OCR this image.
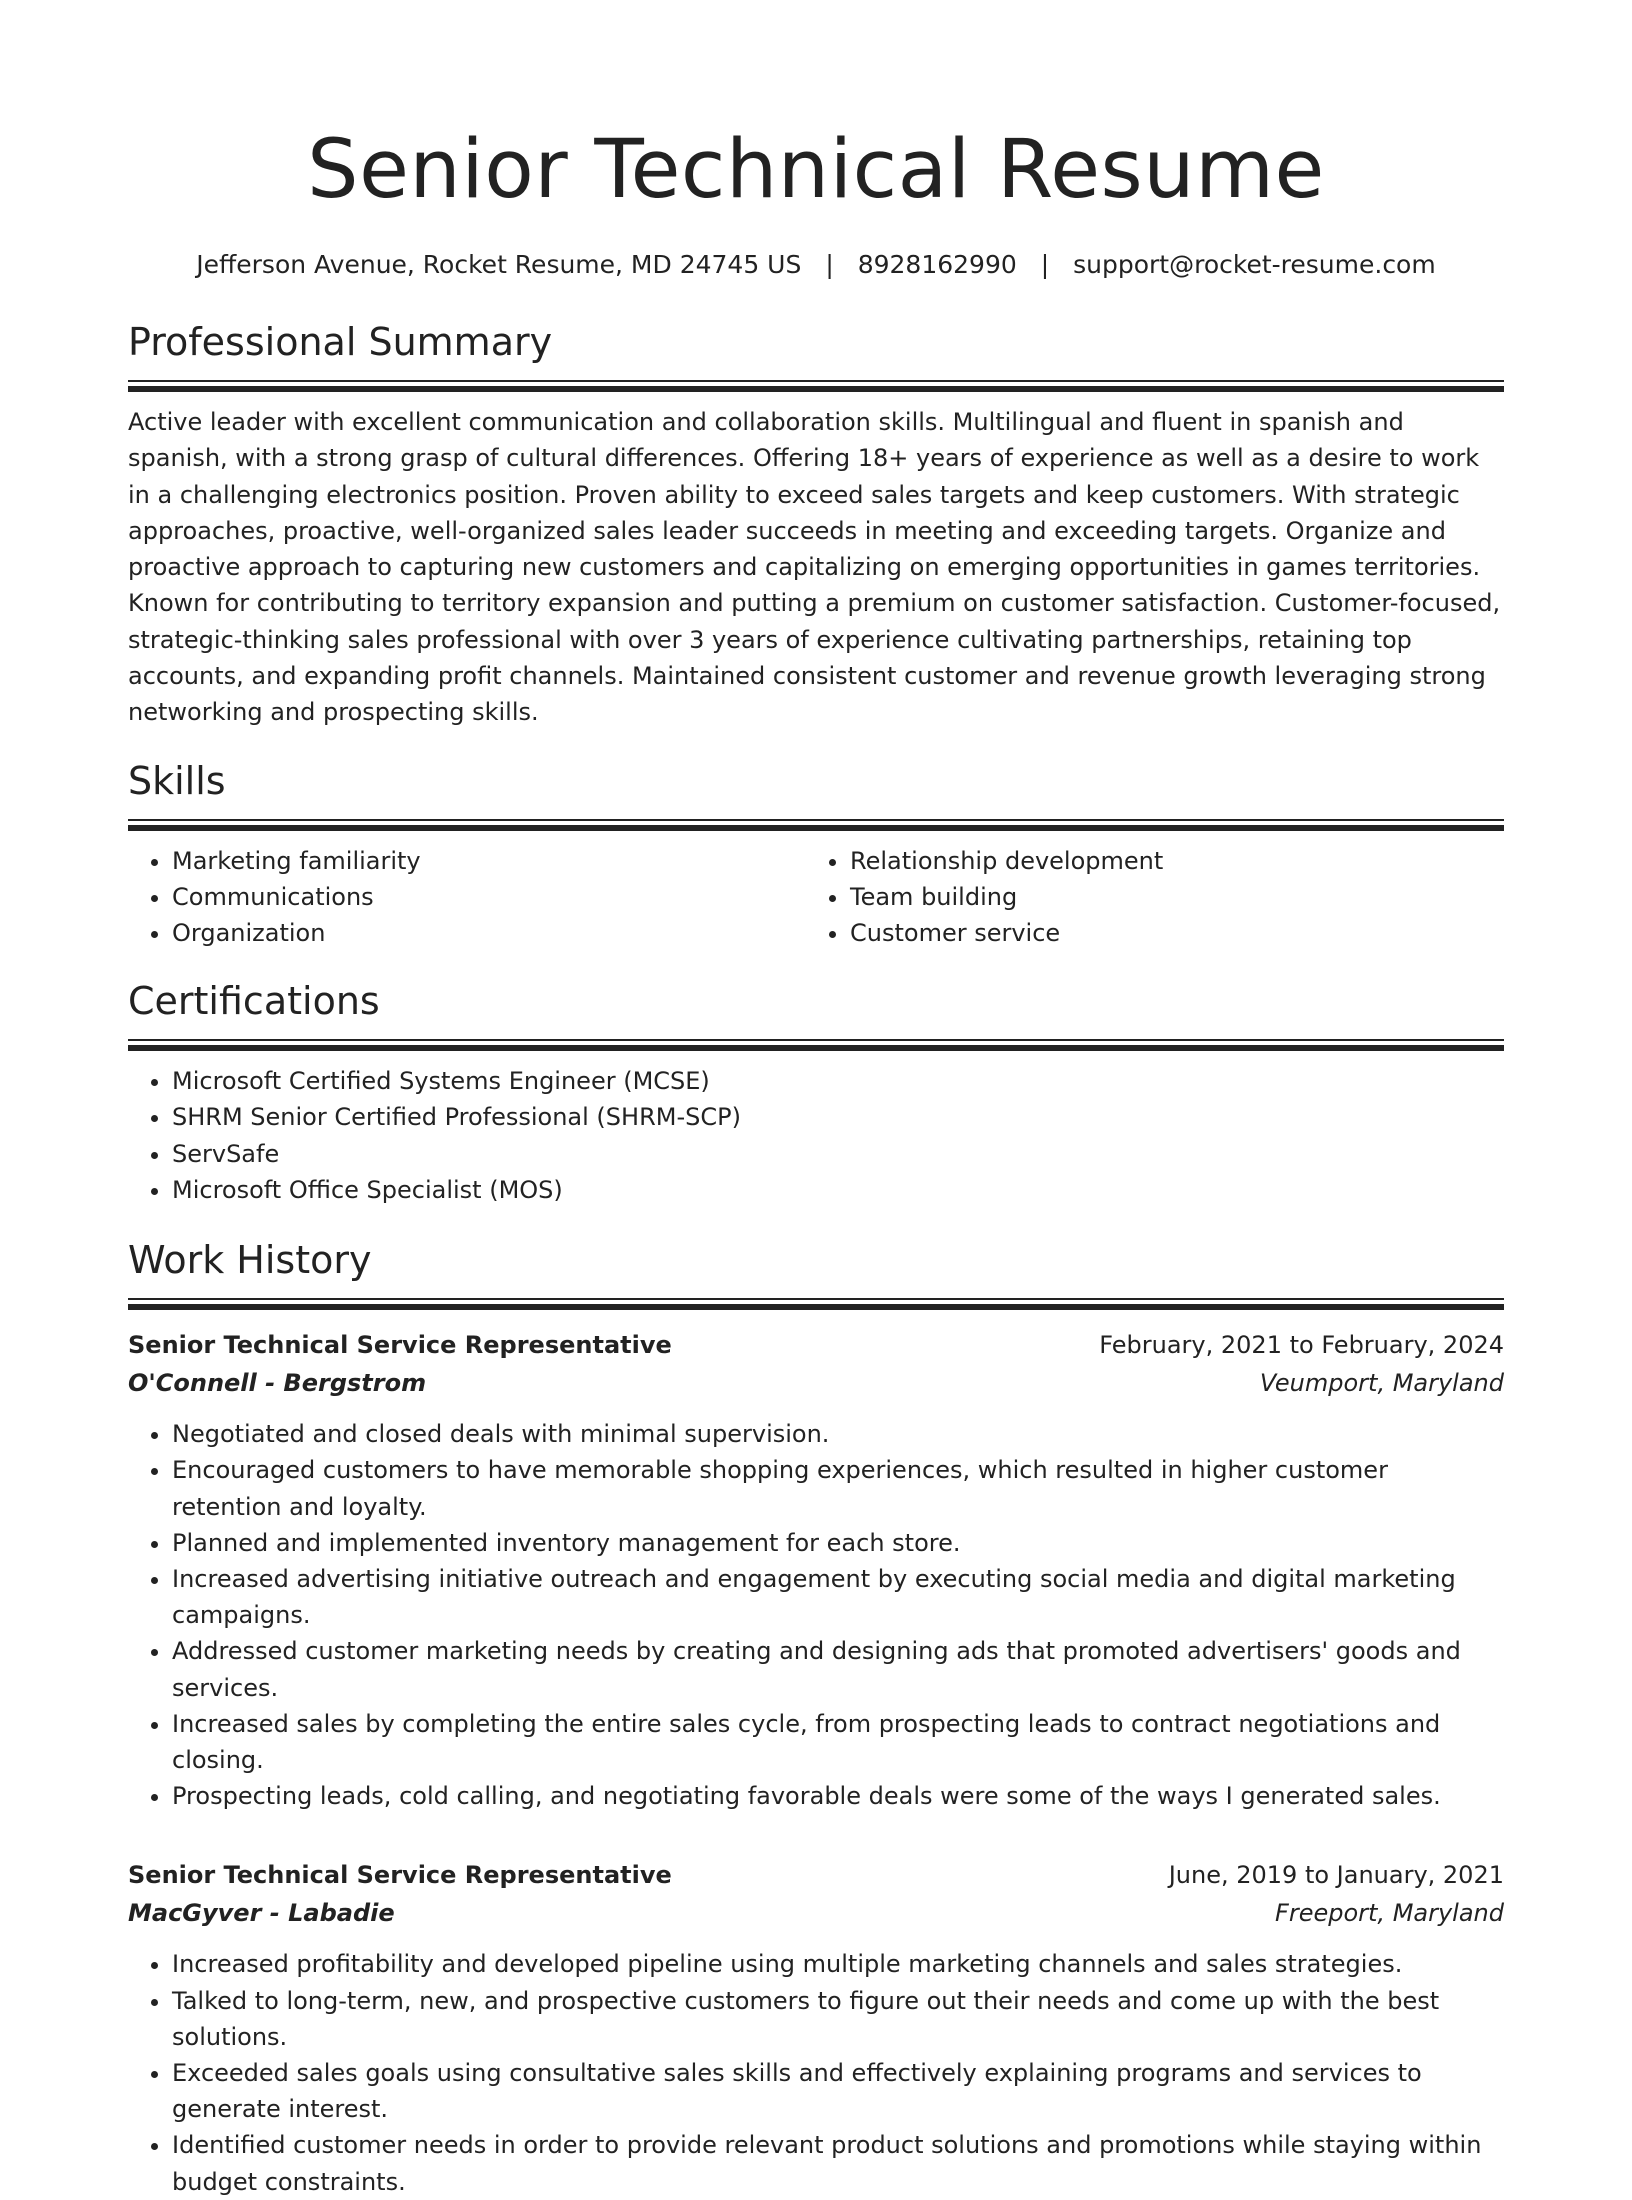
Senior Technical Resume
Jefferson Avenue, Rocket Resume, MD 24745 US | 8928162990 | support@rocket-resume.com
Professional Summary
Active leader with excellent communication and collaboration skills. Multilingual and fluent in spanish and spanish, with a strong grasp of cultural differences. Offering 18+ years of experience as well as a desire to work in a challenging electronics position. Proven ability to exceed sales targets and keep customers. With strategic approaches, proactive, well-organized sales leader succeeds in meeting and exceeding targets. Organize and proactive approach to capturing new customers and capitalizing on emerging opportunities in games territories. Known for contributing to territory expansion and putting a premium on customer satisfaction. Customer-focused, strategic-thinking sales professional with over 3 years of experience cultivating partnerships, retaining top accounts, and expanding profit channels. Maintained consistent customer and revenue growth leveraging strong networking and prospecting skills.
Skills
• Marketing familiarity
• Communications
• Organization
• Relationship development
• Team building
• Customer service
Certifications
• Microsoft Certified Systems Engineer (MCSE)
• SHRM Senior Certified Professional (SHRM-SCP)
• ServSafe
• Microsoft Office Specialist (MOS)
Work History
Senior Technical Service Representative	February, 2021 to February, 2024
O'Connell - Bergstrom	Veumport, Maryland
• Negotiated and closed deals with minimal supervision.
• Encouraged customers to have memorable shopping experiences, which resulted in higher customer retention and loyalty.
• Planned and implemented inventory management for each store.
• Increased advertising initiative outreach and engagement by executing social media and digital marketing campaigns.
• Addressed customer marketing needs by creating and designing ads that promoted advertisers' goods and services.
• Increased sales by completing the entire sales cycle, from prospecting leads to contract negotiations and closing.
• Prospecting leads, cold calling, and negotiating favorable deals were some of the ways I generated sales.
Senior Technical Service Representative	June, 2019 to January, 2021
MacGyver - Labadie	Freeport, Maryland
• Increased profitability and developed pipeline using multiple marketing channels and sales strategies.
• Talked to long-term, new, and prospective customers to figure out their needs and come up with the best solutions.
• Exceeded sales goals using consultative sales skills and effectively explaining programs and services to generate interest.
• Identified customer needs in order to provide relevant product solutions and promotions while staying within budget constraints.
